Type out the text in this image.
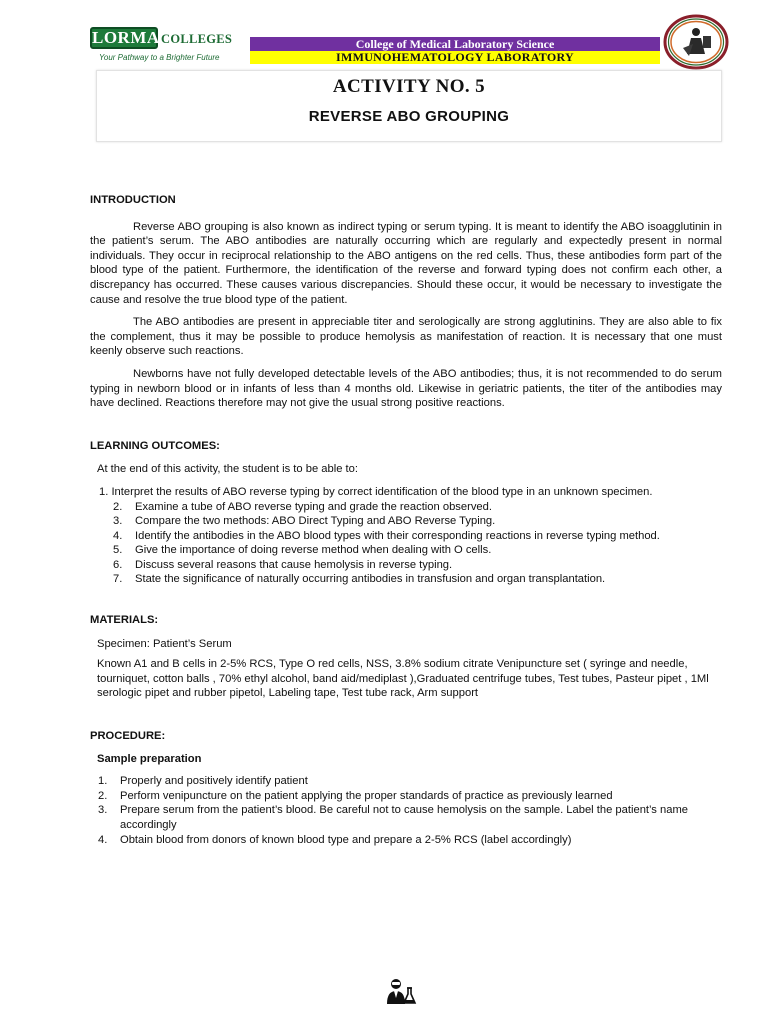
LORMA COLLEGES
Your Pathway to a Brighter Future
College of Medical Laboratory Science
IMMUNOHEMATOLOGY LABORATORY
ACTIVITY NO. 5
REVERSE ABO GROUPING
INTRODUCTION

Reverse ABO grouping is also known as indirect typing or serum typing. It is meant to identify the ABO isoagglutinin in the patient’s serum. The ABO antibodies are naturally occurring which are regularly and expectedly present in normal individuals. They occur in reciprocal relationship to the ABO antigens on the red cells. Thus, these antibodies form part of the blood type of the patient. Furthermore, the identification of the reverse and forward typing does not confirm each other, a discrepancy has occurred. These causes various discrepancies. Should these occur, it would be necessary to investigate the cause and resolve the true blood type of the patient.

The ABO antibodies are present in appreciable titer and serologically are strong agglutinins. They are also able to fix the complement, thus it may be possible to produce hemolysis as manifestation of reaction. It is necessary that one must keenly observe such reactions.

Newborns have not fully developed detectable levels of the ABO antibodies; thus, it is not recommended to do serum typing in newborn blood or in infants of less than 4 months old. Likewise in geriatric patients, the titer of the antibodies may have declined. Reactions therefore may not give the usual strong positive reactions.

LEARNING OUTCOMES:

At the end of this activity, the student is to be able to:

1. Interpret the results of ABO reverse typing by correct identification of the blood type in an unknown specimen.
2. Examine a tube of ABO reverse typing and grade the reaction observed.
3. Compare the two methods: ABO Direct Typing and ABO Reverse Typing.
4. Identify the antibodies in the ABO blood types with their corresponding reactions in reverse typing method.
5. Give the importance of doing reverse method when dealing with O cells.
6. Discuss several reasons that cause hemolysis in reverse typing.
7. State the significance of naturally occurring antibodies in transfusion and organ transplantation.
MATERIALS:

Specimen: Patient’s Serum

Known A1 and B cells in 2-5% RCS, Type O red cells, NSS, 3.8% sodium citrate Venipuncture set ( syringe and needle, tourniquet, cotton balls , 70% ethyl alcohol, band aid/mediplast ),Graduated centrifuge tubes, Test tubes, Pasteur pipet , 1Ml serologic pipet and rubber pipetol, Labeling tape, Test tube rack, Arm support

PROCEDURE:
Sample preparation
1. Properly and positively identify patient
2. Perform venipuncture on the patient applying the proper standards of practice as previously learned
3. Prepare serum from the patient’s blood. Be careful not to cause hemolysis on the sample. Label the patient’s name accordingly
4. Obtain blood from donors of known blood type and prepare a 2-5% RCS (label accordingly)
